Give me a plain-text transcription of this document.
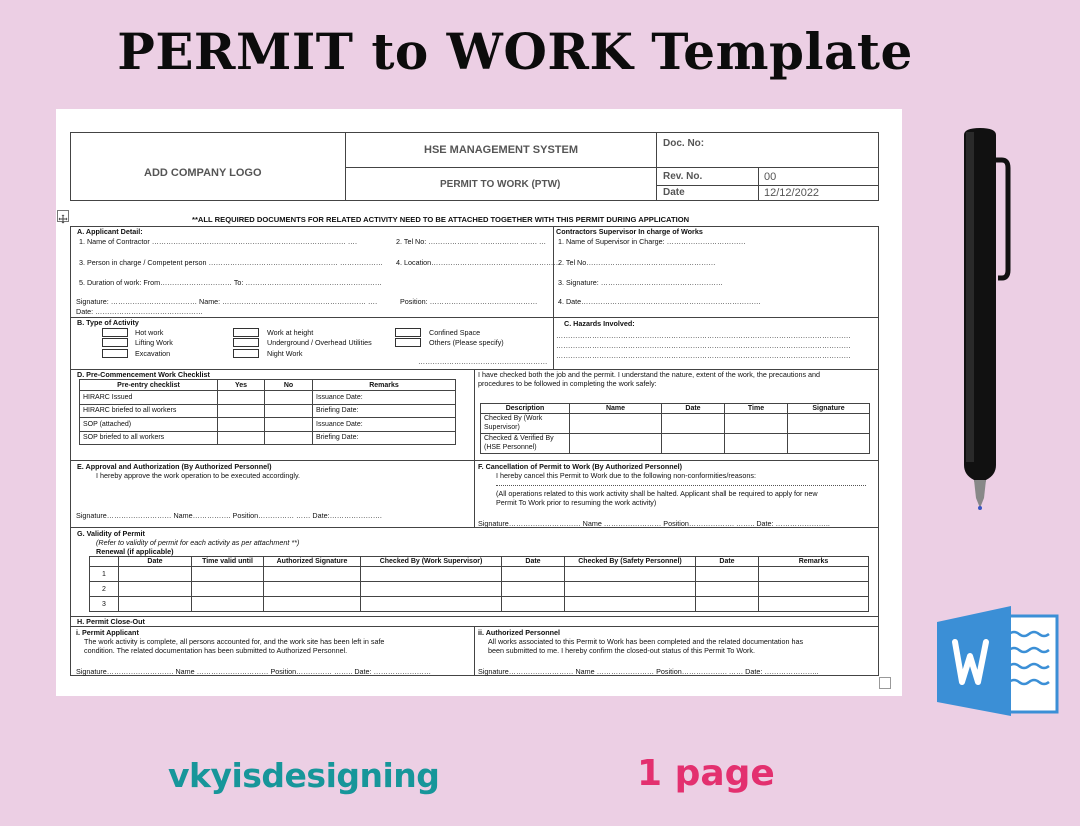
PERMIT to WORK Template
ADD COMPANY LOGO
HSE MANAGEMENT SYSTEM
PERMIT TO WORK (PTW)
Doc. No:
Rev. No.	00
Date	12/12/2022
**ALL REQUIRED DOCUMENTS FOR RELATED ACTIVITY NEED TO BE ATTACHED TOGETHER WITH THIS PERMIT DURING APPLICATION
A. Applicant Detail:
1. Name of Contractor ……………………………………………………………………… ….	2. Tel No: ………………… ……………. ……. …
3. Person in charge / Competent person ……………………………………………… ……………… 4. Location………………………………………………
5. Duration of work: From………………………… To: …………………………………………………
Signature: ……………………………… Name: …………………………………………………… ….	Position: ………………………………………
Date: ………………………………………
Contractors Supervisor In charge of Works
1. Name of Supervisor in Charge: ……………………………
2. Tel No………………………………………………
3. Signature: ……………………………………………
4. Date…………………………………………………………………
B. Type of Activity
Hot work
Lifting Work
Excavation
Work at height
Underground / Overhead Utilities
Night Work
Confined Space
Others (Please specify)
………………………………………………
C. Hazards Involved:
……………………………………………………………………………………………………………
……………………………………………………………………………………………………………
……………………………………………………………………………………………………………
D. Pre-Commencement Work Checklist
Pre-entry checklist	Yes	No	Remarks
HIRARC Issued			Issuance Date:
HIRARC briefed to all workers			Briefing Date:
SOP (attached)			Issuance Date:
SOP briefed to all workers			Briefing Date:
I have checked both the job and the permit. I understand the nature, extent of the work, the precautions and
procedures to be followed in completing the work safely:
Description	Name	Date	Time	Signature

Checked By (Work
Supervisor)				

Checked & Verified By
(HSE Personnel)				

E. Approval and Authorization (By Authorized Personnel)
I hereby approve the work operation to be executed accordingly.
Signature……………………… Name……………. Position…………… …… Date:………………….
F. Cancellation of Permit to Work (By Authorized Personnel)
I hereby cancel this Permit to Work due to the following non-conformities/reasons:
(All operations related to this work activity shall be halted. Applicant shall be required to apply for new
Permit To Work prior to resuming the work activity)
Signature………………………… Name …………………… Position………………. …….. Date: …………………..
G. Validity of Permit
(Refer to validity of permit for each activity as per attachment **)
Renewal (if applicable)
	Date	Time valid until	Authorized Signature	Checked By (Work Supervisor)	Date	Checked By (Safety Personnel)	Date	Remarks
1								
2								
3								
H. Permit Close-Out
i. Permit Applicant
The work activity is complete, all persons accounted for, and the work site has been left in safe
condition. The related documentation has been submitted to Authorized Personnel.
Signature………………………. Name ………………………… Position…………… …….. Date: ……………………
ii. Authorized Personnel
All works associated to this Permit to Work has been completed and the related documentation has
been submitted to me. I hereby confirm the closed-out status of this Permit To Work.
Signature……………………… Name …………………… Position………………. …… Date: …………………..
vkyisdesigning	1 page
